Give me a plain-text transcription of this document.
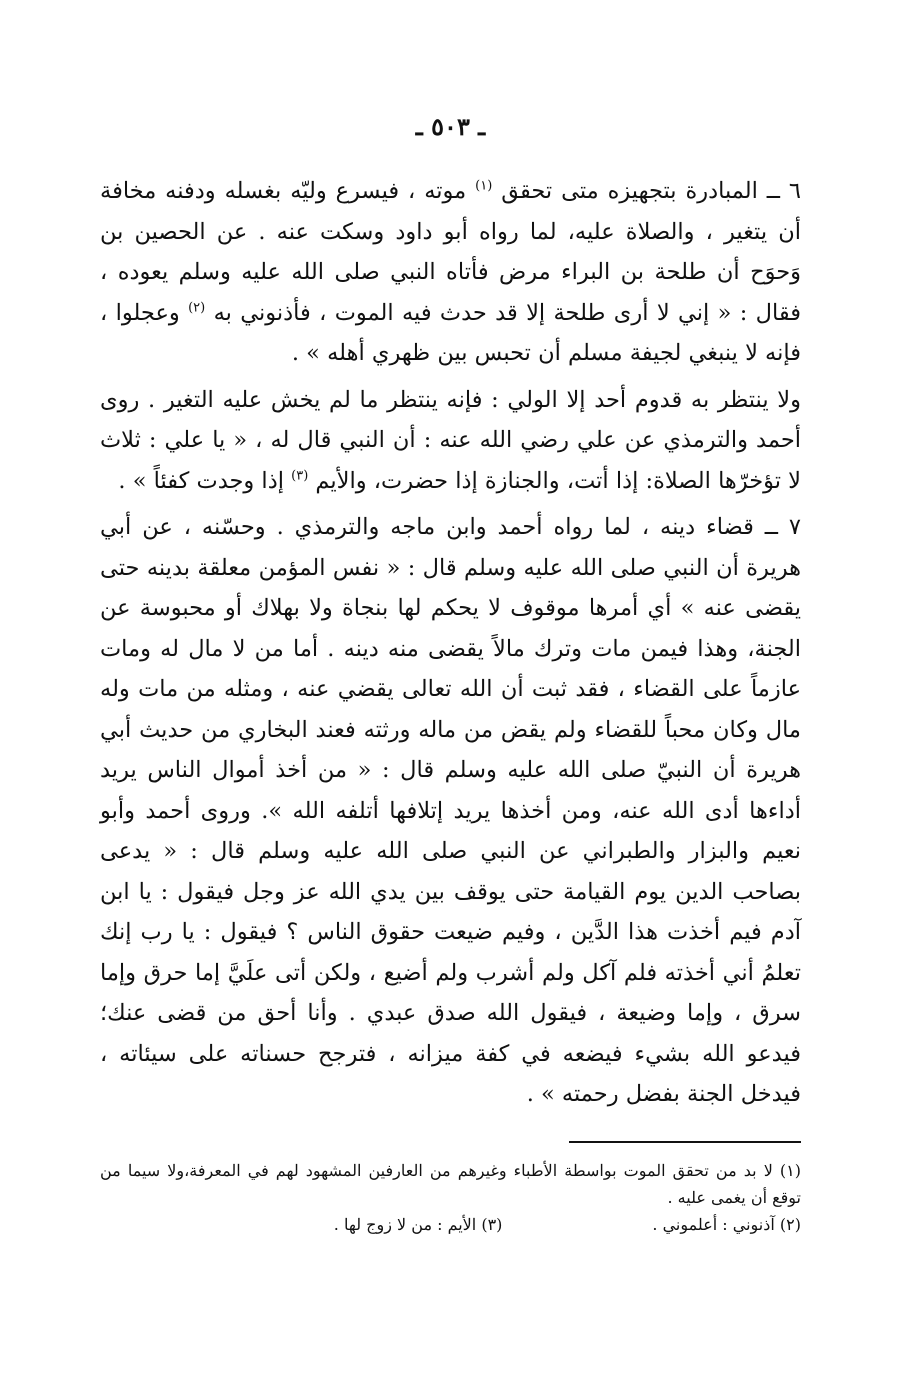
ـ ٥٠٣ ـ

٦ ــ المبادرة بتجهيزه متى تحقق $^{(١)}$ موته ، فيسرع وليّه بغسله ودفنه مخافة أن يتغير ، والصلاة عليه، لما رواه أبو داود وسكت عنه . عن الحصين بن وَحوَح أن طلحة بن البراء مرض فأتاه النبي صلى الله عليه وسلم يعوده ، فقال : « إني لا أرى طلحة إلا قد حدث فيه الموت ، فأذنوني به $^{(٢)}$ وعجلوا ، فإنه لا ينبغي لجيفة مسلم أن تحبس بين ظهري أهله » .

ولا ينتظر به قدوم أحد إلا الولي : فإنه ينتظر ما لم يخش عليه التغير . روى أحمد والترمذي عن علي رضي الله عنه : أن النبي قال له ، « يا علي : ثلاث لا تؤخرّها الصلاة: إذا أتت، والجنازة إذا حضرت، والأيم $^{(٣)}$ إذا وجدت كفئاً » .

٧ ــ قضاء دينه ، لما رواه أحمد وابن ماجه والترمذي . وحسّنه ، عن أبي هريرة أن النبي صلى الله عليه وسلم قال : « نفس المؤمن معلقة بدينه حتى يقضى عنه » أي أمرها موقوف لا يحكم لها بنجاة ولا بهلاك أو محبوسة عن الجنة، وهذا فيمن مات وترك مالاً يقضى منه دينه . أما من لا مال له ومات عازماً على القضاء ، فقد ثبت أن الله تعالى يقضي عنه ، ومثله من مات وله مال وكان محباً للقضاء ولم يقض من ماله ورثته فعند البخاري من حديث أبي هريرة أن النبيّ صلى الله عليه وسلم قال : « من أخذ أموال الناس يريد أداءها أدى الله عنه، ومن أخذها يريد إتلافها أتلفه الله ». وروى أحمد وأبو نعيم والبزار والطبراني عن النبي صلى الله عليه وسلم قال : « يدعى بصاحب الدين يوم القيامة حتى يوقف بين يدي الله عز وجل فيقول : يا ابن آدم فيم أخذت هذا الدَّين ، وفيم ضيعت حقوق الناس ؟ فيقول : يا رب إنك تعلمُ أني أخذته فلم آكل ولم أشرب ولم أضيع ، ولكن أتى علَيَّ إما حرق وإما سرق ، وإما وضيعة ، فيقول الله صدق عبدي . وأنا أحق من قضى عنك؛ فيدعو الله بشيء فيضعه في كفة ميزانه ، فترجح حسناته على سيئاته ، فيدخل الجنة بفضل رحمته » .

(١) لا بد من تحقق الموت بواسطة الأطباء وغيرهم من العارفين المشهود لهم في المعرفة،ولا سيما من توقع أن يغمى عليه .

(٢) آذنوني : أعلموني .

(٣) الأيم : من لا زوج لها .
